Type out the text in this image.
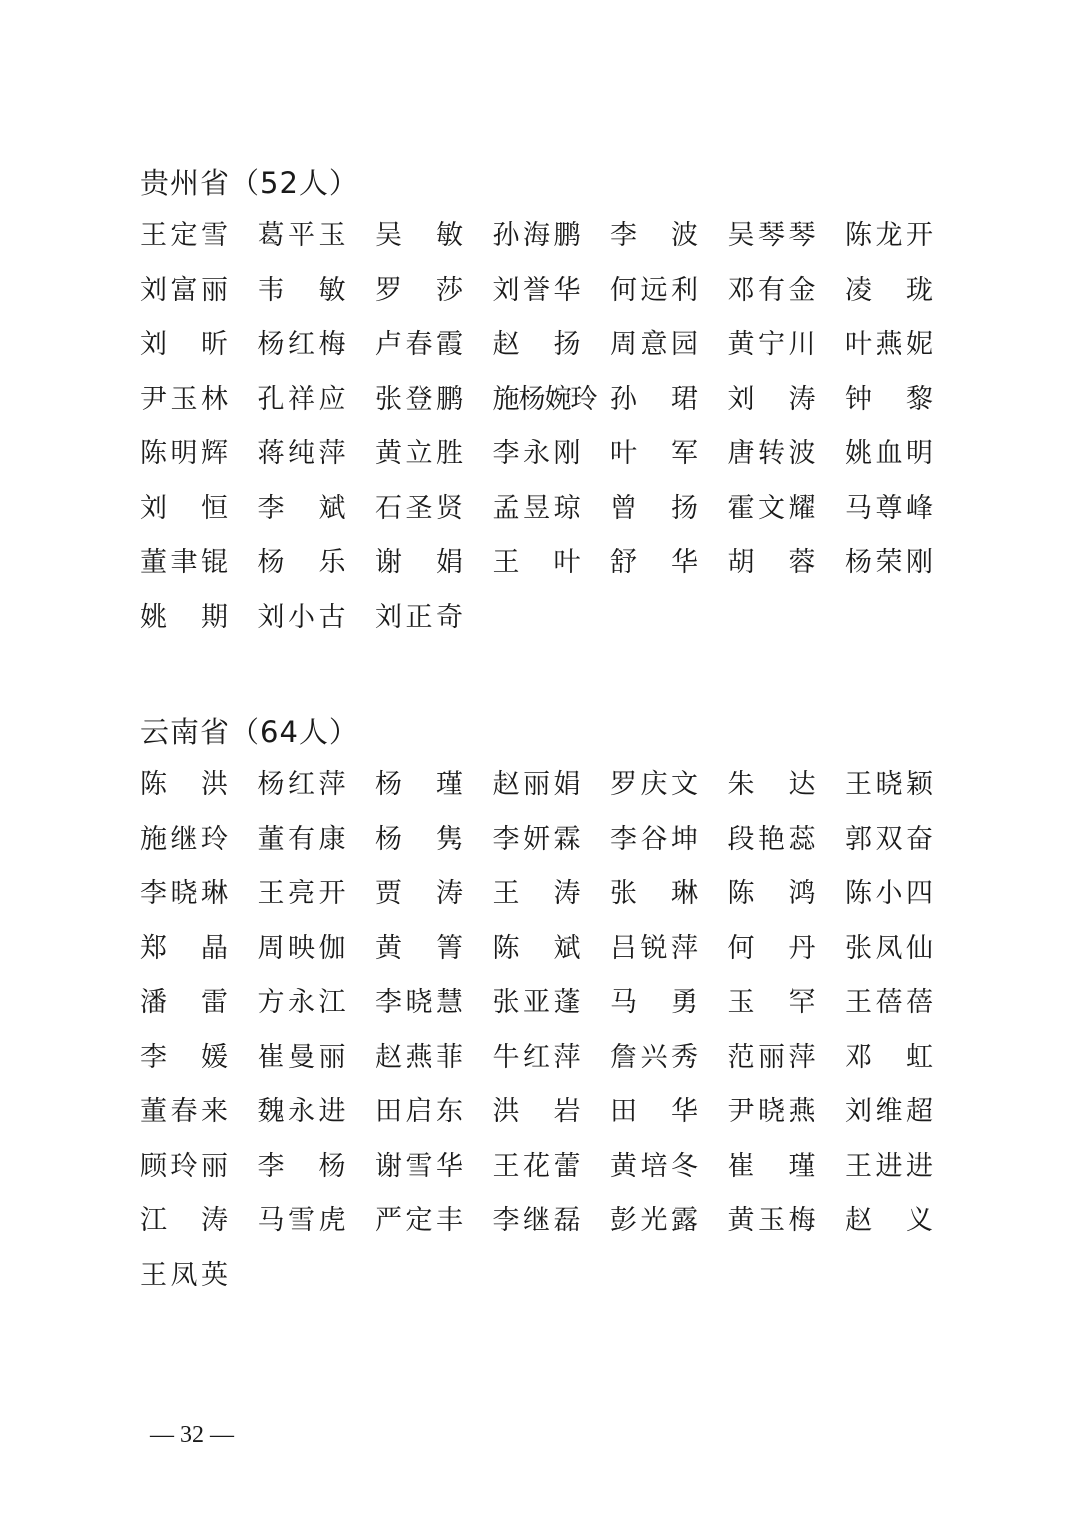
贵州省（52人）
王 定 雪 葛 平 玉 吴 敏 孙 海 鹏 李 波 吴 琴 琴 陈 龙 开
刘 富 丽 韦 敏 罗 莎 刘 誉 华 何 远 利 邓 有 金 凌 珑
刘 昕 杨 红 梅 卢 春 霞 赵 扬 周 意 园 黄 宁 川 叶 燕 妮
尹 玉 林 孔 祥 应 张 登 鹏 施 杨 婉 玲 孙 珺 刘 涛 钟 黎
陈 明 辉 蒋 纯 萍 黄 立 胜 李 永 刚 叶 军 唐 转 波 姚 血 明
刘 恒 李 斌 石 圣 贤 孟 昱 琼 曾 扬 霍 文 耀 马 尊 峰
董 聿 锟 杨 乐 谢 娟 王 叶 舒 华 胡 蓉 杨 荣 刚
姚 期 刘 小 古 刘 正 奇
云南省（64人）
陈 洪 杨 红 萍 杨 瑾 赵 丽 娟 罗 庆 文 朱 达 王 晓 颖
施 继 玲 董 有 康 杨 隽 李 妍 霖 李 谷 坤 段 艳 蕊 郭 双 奋
李 晓 琳 王 亮 开 贾 涛 王 涛 张 琳 陈 鸿 陈 小 四
郑 晶 周 映 伽 黄 箐 陈 斌 吕 锐 萍 何 丹 张 凤 仙
潘 雷 方 永 江 李 晓 慧 张 亚 蓬 马 勇 玉 罕 王 蓓 蓓
李 媛 崔 曼 丽 赵 燕 菲 牛 红 萍 詹 兴 秀 范 丽 萍 邓 虹
董 春 来 魏 永 进 田 启 东 洪 岩 田 华 尹 晓 燕 刘 维 超
顾 玲 丽 李 杨 谢 雪 华 王 花 蕾 黄 培 冬 崔 瑾 王 进 进
江 涛 马 雪 虎 严 定 丰 李 继 磊 彭 光 露 黄 玉 梅 赵 义
王 凤 英
— 32 —
